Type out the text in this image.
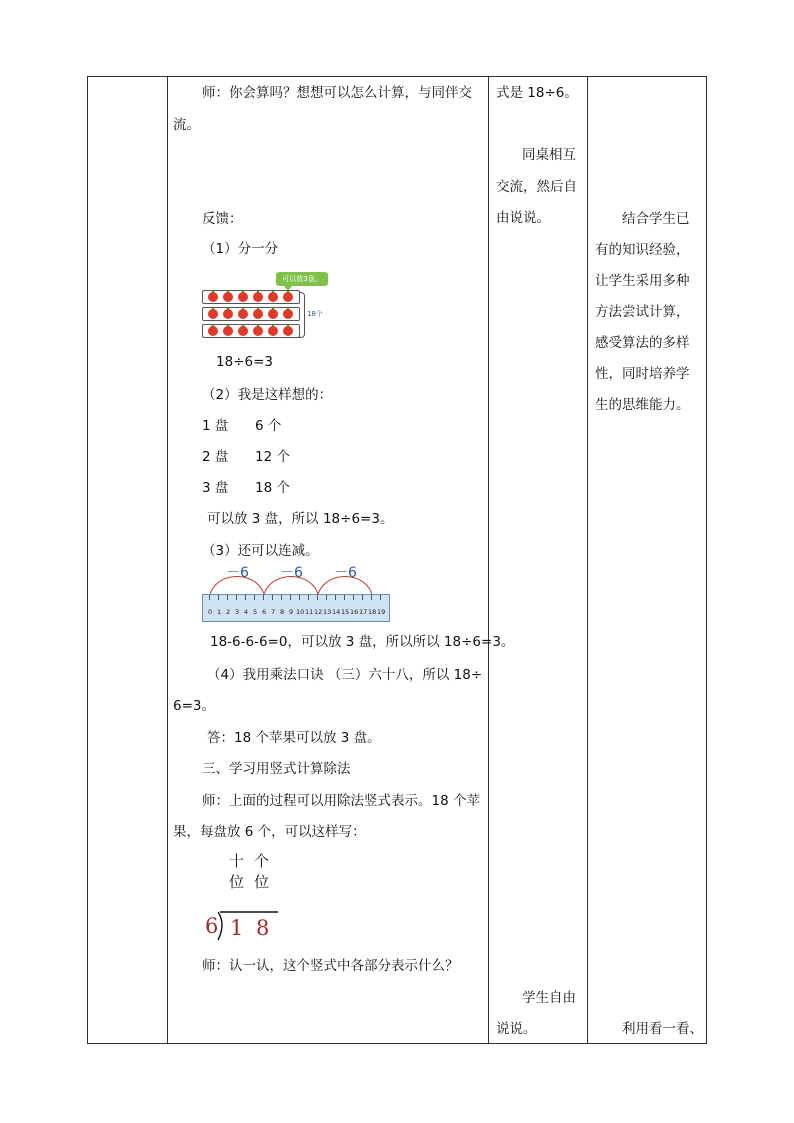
师：你会算吗？想想可以怎么计算，与同伴交
流。
反馈：
（1）分一分
可以放3盘。
18个
18÷6=3
（2）我是这样想的：
1 盘 6 个
2 盘 12 个
3 盘 18 个
可以放 3 盘，所以 18÷6=3。
（3）还可以连减。
－6 －6 －6
0 1 2 3 4 5 6 7 8 9 10 11 12 13 14 15 16 17 18 19
18-6-6-6=0，可以放 3 盘，所以所以 18÷6=3。
（4）我用乘法口诀 （三）六十八，所以 18÷
6=3。
答：18 个苹果可以放 3 盘。
三、学习用竖式计算除法
师：上面的过程可以用除法竖式表示。18 个苹
果，每盘放 6 个，可以这样写：
十
位
个
位
6 1 8
师：认一认，这个竖式中各部分表示什么？
式是 18÷6。
同桌相互
交流，然后自
由说说。
学生自由
说说。
结合学生已
有的知识经验，
让学生采用多种
方法尝试计算，
感受算法的多样
性，同时培养学
生的思维能力。
利用看一看、
